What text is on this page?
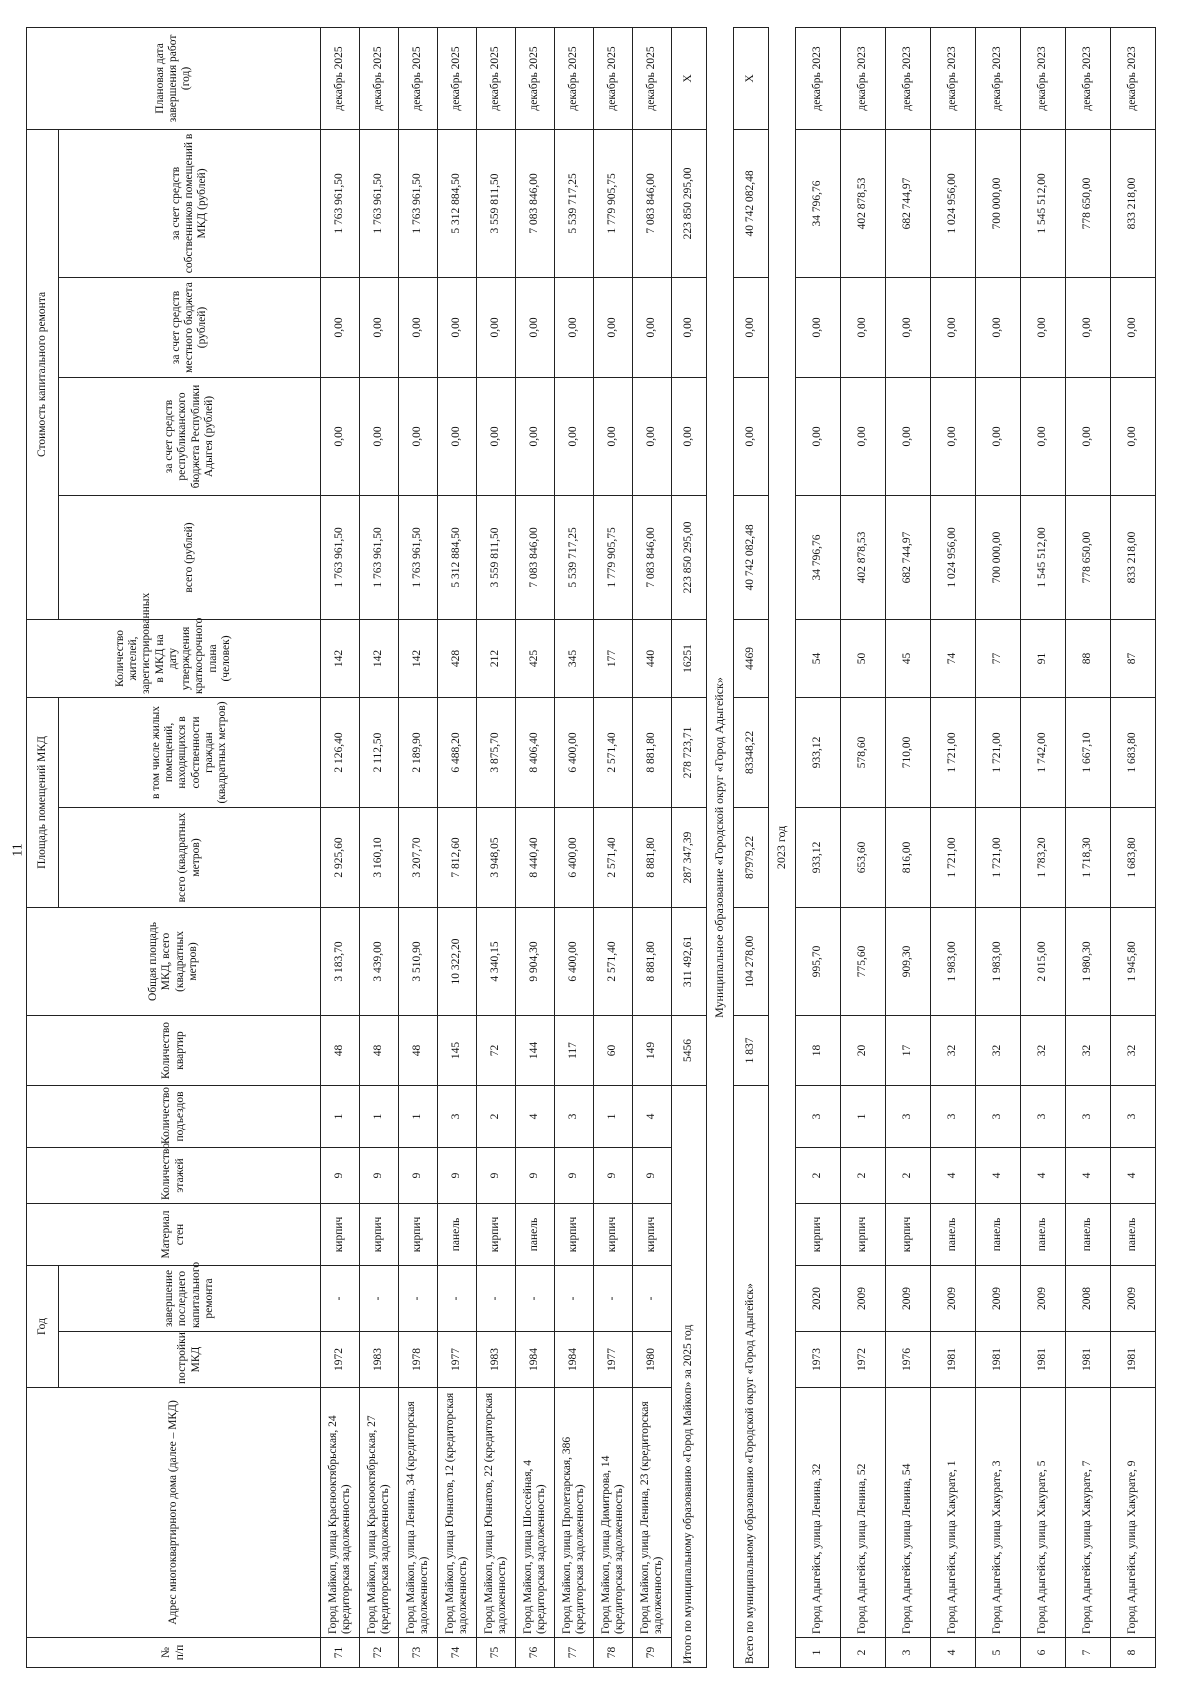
11
№ п/п	Адрес многоквартирного дома (далее – МКД)	Год		Материал стен	Количество этажей	Количество подъездов	Количество квартир	Общая площадь МКД, всего (квадратных метров)	Площадь помещений МКД		Количество жителей, зарегистрированных в МКД на дату утверждения краткосрочного плана (человек)	Стоимость капитального ремонта				Плановая дата завершения работ (год)
		постройки МКД	завершение последнего капитального ремонта						всего (квадратных метров)	в том числе жилых помещений, находящихся в собственности граждан (квадратных метров)		всего (рублей)	за счет средств республиканского бюджета Республики Адыгея (рублей)	за счет средств местного бюджета (рублей)	за счет средств собственников помещений в МКД (рублей)	

71	Город Майкоп, улица Краснооктябрьская, 24 (кредиторская задолженность)	1972	-	кирпич	9	1	48	3 183,70	2 925,60	2 126,40	142	1 763 961,50	0,00	0,00	1 763 961,50	декабрь 2025
72	Город Майкоп, улица Краснооктябрьская, 27 (кредиторская задолженность)	1983	-	кирпич	9	1	48	3 439,00	3 160,10	2 112,50	142	1 763 961,50	0,00	0,00	1 763 961,50	декабрь 2025
73	Город Майкоп, улица Ленина, 34 (кредиторская задолженность)	1978	-	кирпич	9	1	48	3 510,90	3 207,70	2 189,90	142	1 763 961,50	0,00	0,00	1 763 961,50	декабрь 2025
74	Город Майкоп, улица Юннатов, 12 (кредиторская задолженность)	1977	-	панель	9	3	145	10 322,20	7 812,60	6 488,20	428	5 312 884,50	0,00	0,00	5 312 884,50	декабрь 2025
75	Город Майкоп, улица Юннатов, 22 (кредиторская задолженность)	1983	-	кирпич	9	2	72	4 340,15	3 948,05	3 875,70	212	3 559 811,50	0,00	0,00	3 559 811,50	декабрь 2025
76	Город Майкоп, улица Шоссейная, 4 (кредиторская задолженность)	1984	-	панель	9	4	144	9 904,30	8 440,40	8 406,40	425	7 083 846,00	0,00	0,00	7 083 846,00	декабрь 2025
77	Город Майкоп, улица Пролетарская, 386 (кредиторская задолженность)	1984	-	кирпич	9	3	117	6 400,00	6 400,00	6 400,00	345	5 539 717,25	0,00	0,00	5 539 717,25	декабрь 2025
78	Город Майкоп, улица Димитрова, 14 (кредиторская задолженность)	1977	-	кирпич	9	1	60	2 571,40	2 571,40	2 571,40	177	1 779 905,75	0,00	0,00	1 779 905,75	декабрь 2025
79	Город Майкоп, улица Ленина, 23 (кредиторская задолженность)	1980	-	кирпич	9	4	149	8 881,80	8 881,80	8 881,80	440	7 083 846,00	0,00	0,00	7 083 846,00	декабрь 2025
Итого по муниципальному образованию «Город Майкоп» за 2025 год							5456	311 492,61	287 347,39	278 723,71	16251	223 850 295,00	0,00	0,00	223 850 295,00	Х
Муниципальное образование «Городской округ «Город Адыгейск»																
Всего по муниципальному образованию «Городской округ «Город Адыгейск»							1 837	104 278,00	87979,22	83348,22	4469	40 742 082,48	0,00	0,00	40 742 082,48	Х
2023 год																
1	Город Адыгейск, улица Ленина, 32	1973	2020	кирпич	2	3	18	995,70	933,12	933,12	54	34 796,76	0,00	0,00	34 796,76	декабрь 2023
2	Город Адыгейск, улица Ленина, 52	1972	2009	кирпич	2	1	20	775,60	653,60	578,60	50	402 878,53	0,00	0,00	402 878,53	декабрь 2023
3	Город Адыгейск, улица Ленина, 54	1976	2009	кирпич	2	3	17	909,30	816,00	710,00	45	682 744,97	0,00	0,00	682 744,97	декабрь 2023
4	Город Адыгейск, улица Хакурате, 1	1981	2009	панель	4	3	32	1 983,00	1 721,00	1 721,00	74	1 024 956,00	0,00	0,00	1 024 956,00	декабрь 2023
5	Город Адыгейск, улица Хакурате, 3	1981	2009	панель	4	3	32	1 983,00	1 721,00	1 721,00	77	700 000,00	0,00	0,00	700 000,00	декабрь 2023
6	Город Адыгейск, улица Хакурате, 5	1981	2009	панель	4	3	32	2 015,00	1 783,20	1 742,00	91	1 545 512,00	0,00	0,00	1 545 512,00	декабрь 2023
7	Город Адыгейск, улица Хакурате, 7	1981	2008	панель	4	3	32	1 980,30	1 718,30	1 667,10	88	778 650,00	0,00	0,00	778 650,00	декабрь 2023
8	Город Адыгейск, улица Хакурате, 9	1981	2009	панель	4	3	32	1 945,80	1 683,80	1 683,80	87	833 218,00	0,00	0,00	833 218,00	декабрь 2023
